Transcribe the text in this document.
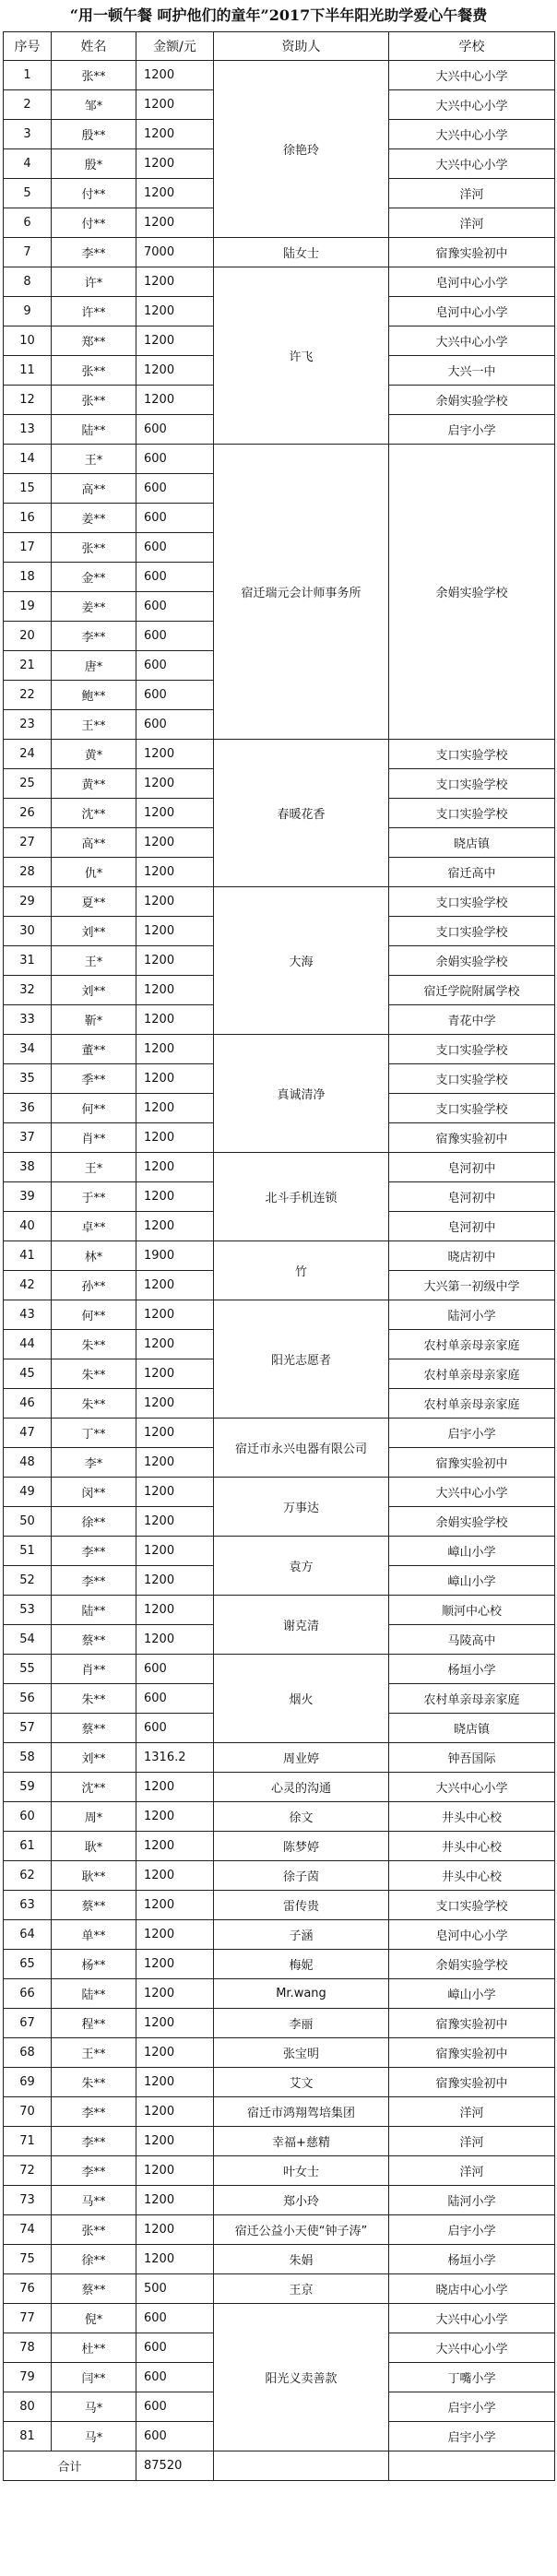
“用一顿午餐 呵护他们的童年”2017下半年阳光助学爱心午餐费
序号	姓名	金额/元	资助人	学校
1	张**	1200	徐艳玲	大兴中心小学
2	邹*	1200		大兴中心小学
3	殷**	1200		大兴中心小学
4	殷*	1200		大兴中心小学
5	付**	1200		洋河
6	付**	1200		洋河
7	李**	7000	陆女士	宿豫实验初中
8	许*	1200	许飞	皂河中心小学
9	许**	1200		皂河中心小学
10	郑**	1200		大兴中心小学
11	张**	1200		大兴一中
12	张**	1200		余娟实验学校
13	陆**	600		启宇小学
14	王*	600	宿迁瑞元会计师事务所	余娟实验学校
15	高**	600		
16	姜**	600		
17	张**	600		
18	金**	600		
19	姜**	600		
20	李**	600		
21	唐*	600		
22	鲍**	600		
23	王**	600		
24	黄*	1200	春暖花香	支口实验学校
25	黄**	1200		支口实验学校
26	沈**	1200		支口实验学校
27	高**	1200		晓店镇
28	仇*	1200		宿迁高中
29	夏**	1200	大海	支口实验学校
30	刘**	1200		支口实验学校
31	王*	1200		余娟实验学校
32	刘**	1200		宿迁学院附属学校
33	靳*	1200		青花中学
34	董**	1200	真诚清净	支口实验学校
35	季**	1200		支口实验学校
36	何**	1200		支口实验学校
37	肖**	1200		宿豫实验初中
38	王*	1200	北斗手机连锁	皂河初中
39	于**	1200		皂河初中
40	卓**	1200		皂河初中
41	林*	1900	竹	晓店初中
42	孙**	1200		大兴第一初级中学
43	何**	1200	阳光志愿者	陆河小学
44	朱**	1200		农村单亲母亲家庭
45	朱**	1200		农村单亲母亲家庭
46	朱**	1200		农村单亲母亲家庭
47	丁**	1200	宿迁市永兴电器有限公司	启宇小学
48	李*	1200		宿豫实验初中
49	闵**	1200	万事达	大兴中心小学
50	徐**	1200		余娟实验学校
51	李**	1200	袁方	嶂山小学
52	李**	1200		嶂山小学
53	陆**	1200	谢克清	顺河中心校
54	蔡**	1200		马陵高中
55	肖**	600	烟火	杨垣小学
56	朱**	600		农村单亲母亲家庭
57	蔡**	600		晓店镇
58	刘**	1316.2	周业婷	钟吾国际
59	沈**	1200	心灵的沟通	大兴中心小学
60	周*	1200	徐文	井头中心校
61	耿*	1200	陈梦婷	井头中心校
62	耿**	1200	徐子茵	井头中心校
63	蔡**	1200	雷传贵	支口实验学校
64	单**	1200	子涵	皂河中心小学
65	杨**	1200	梅妮	余娟实验学校
66	陆**	1200	Mr.wang	嶂山小学
67	程**	1200	李丽	宿豫实验初中
68	王**	1200	张宝明	宿豫实验初中
69	朱**	1200	艾文	宿豫实验初中
70	李**	1200	宿迁市鸿翔驾培集团	洋河
71	李**	1200	幸福+慈精	洋河
72	李**	1200	叶女士	洋河
73	马**	1200	郑小玲	陆河小学
74	张**	1200	宿迁公益小天使“钟子涛”	启宇小学
75	徐**	1200	朱娟	杨垣小学
76	蔡**	500	王京	晓店中心小学
77	倪*	600	阳光义卖善款	大兴中心小学
78	杜**	600		大兴中心小学
79	闫**	600		丁嘴小学
80	马*	600		启宇小学
81	马*	600		启宇小学
合计		87520		
